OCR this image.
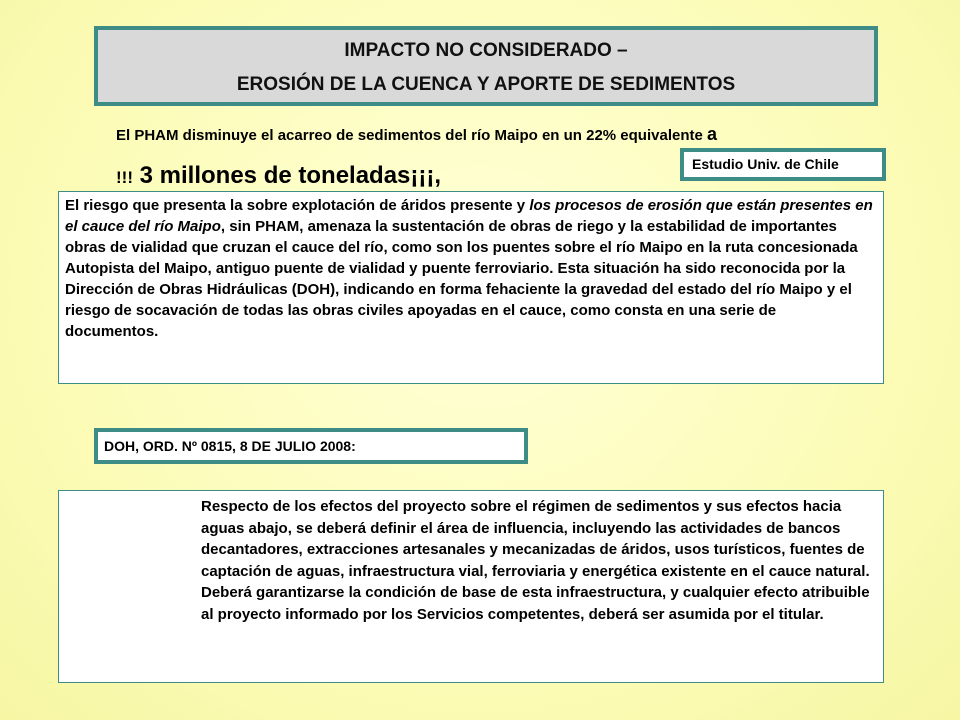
IMPACTO NO CONSIDERADO –
EROSIÓN DE LA CUENCA Y APORTE DE SEDIMENTOS
El PHAM disminuye el acarreo de sedimentos del río Maipo en un 22% equivalente a
!!! 3 millones de toneladas¡¡¡,	Estudio Univ. de Chile
El riesgo que presenta la sobre explotación de áridos presente y los procesos de erosión que están presentes en el cauce del río Maipo, sin PHAM, amenaza la sustentación de obras de riego y la estabilidad de importantes obras de vialidad que cruzan el cauce del río, como son los puentes sobre el río Maipo en la ruta concesionada Autopista del Maipo, antiguo puente de vialidad y puente ferroviario. Esta situación ha sido reconocida por la Dirección de Obras Hidráulicas (DOH), indicando en forma fehaciente la gravedad del estado del río Maipo y el riesgo de socavación de todas las obras civiles apoyadas en el cauce, como consta en una serie de documentos.
DOH, ORD. Nº 0815, 8 DE JULIO 2008:
Respecto de los efectos del proyecto sobre el régimen de sedimentos y sus efectos hacia aguas abajo, se deberá definir el área de influencia, incluyendo las actividades de bancos decantadores, extracciones artesanales y mecanizadas de áridos, usos turísticos, fuentes de captación de aguas, infraestructura vial, ferroviaria y energética existente en el cauce natural. Deberá garantizarse la condición de base de esta infraestructura, y cualquier efecto atribuible al proyecto informado por los Servicios competentes, deberá ser asumida por el titular.
